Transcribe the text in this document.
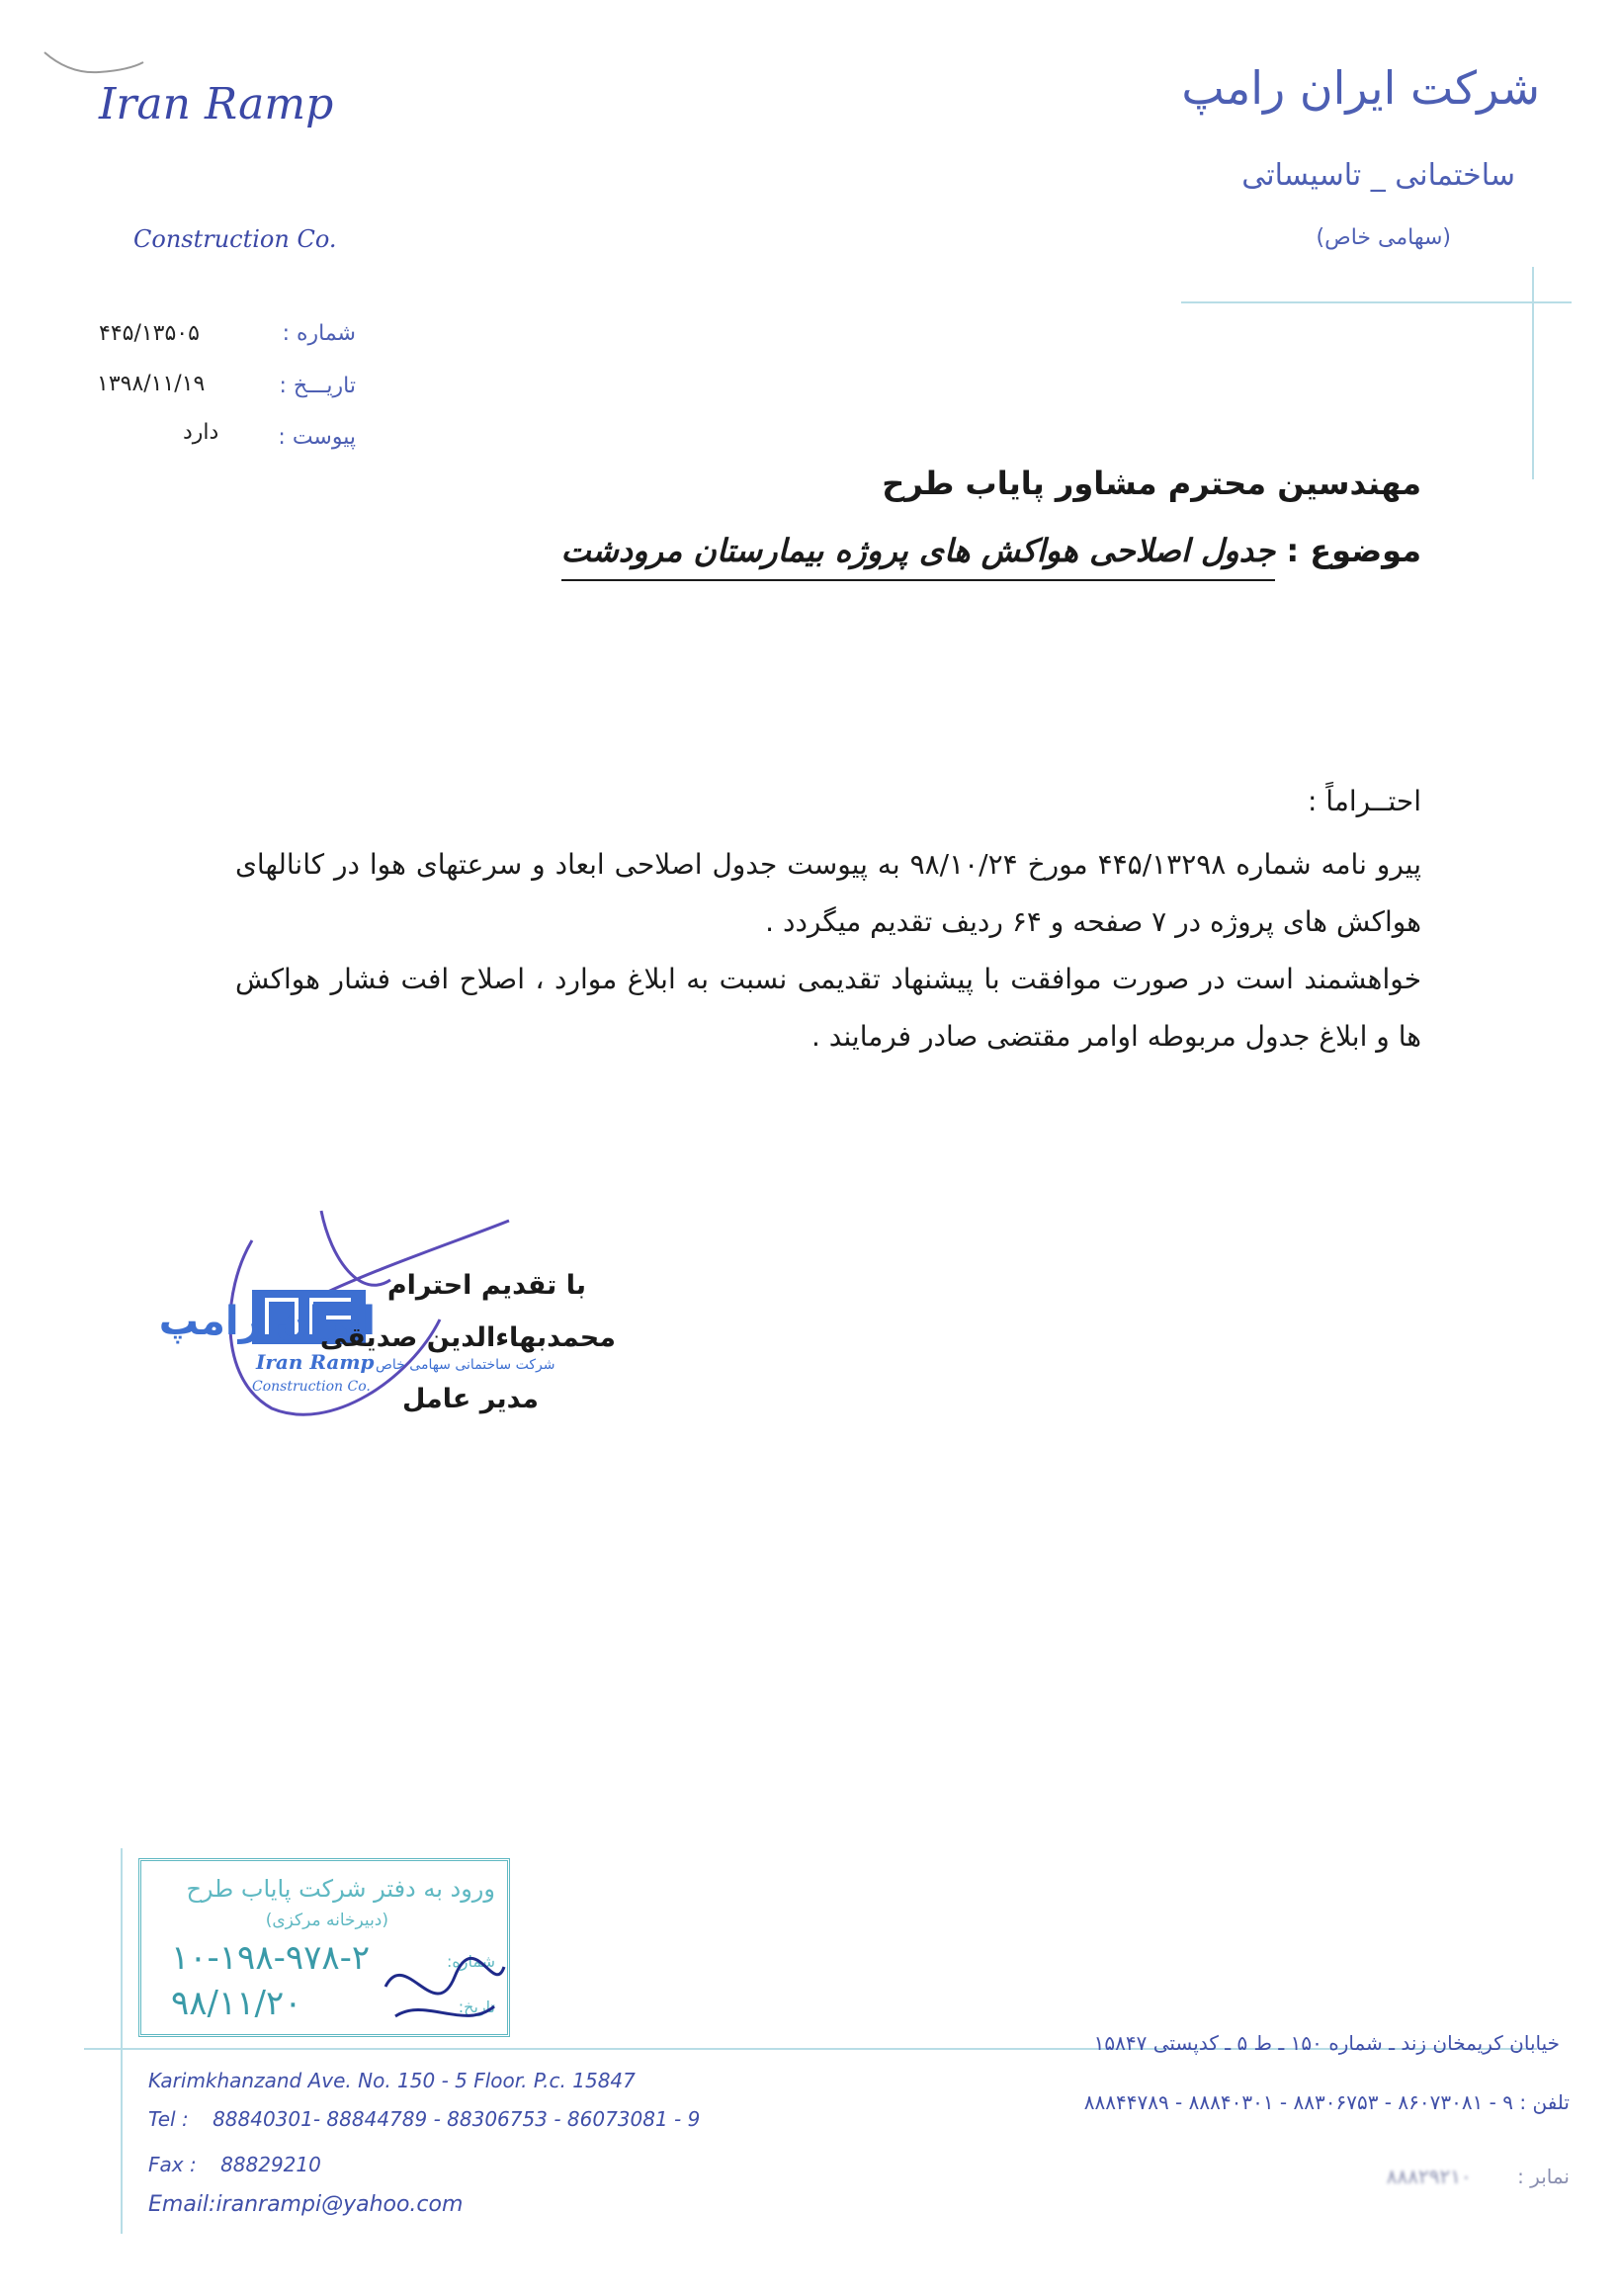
Iran Ramp
Construction Co.
شرکت ایران رامپ
ساختمانی _ تاسیساتی
(سهامی خاص)
شماره :
۴۴۵/۱۳۵۰۵
تاریـــخ :
۱۳۹۸/۱۱/۱۹
پیوست :
دارد
مهندسین محترم مشاور پایاب طرح
موضوع : جدول اصلاحی هواکش های پروژه بیمارستان مرودشت

احتــراماً :

پیرو نامه شماره ۴۴۵/۱۳۲۹۸ مورخ ۹۸/۱۰/۲۴ به پیوست جدول اصلاحی ابعاد و سرعتهای هوا در کانالهای هواکش های پروژه در ۷ صفحه و ۶۴ ردیف تقدیم میگردد .

خواهشمند است در صورت موافقت با پیشنهاد تقدیمی نسبت به ابلاغ موارد ، اصلاح افت فشار هواکش ها و ابلاغ جدول مربوطه اوامر مقتضی صادر فرمایند .

ایران رامپ
Iran Ramp
Construction Co.
شرکت ساختمانی سهامی خاص
با تقدیم احترام
محمدبهاءالدین صدیقی
مدیر عامل
ورود به دفتر شرکت پایاب طرح
(دبیرخانه مرکزی)
شماره:
تاریخ:
۱۰-۱۹۸-۹۷۸-۲
۹۸/۱۱/۲۰
Karimkhanzand Ave. No. 150 - 5 Floor. P.c. 15847
Tel : 88840301- 88844789 - 88306753 - 86073081 - 9
Fax : 88829210
Email:iranrampi@yahoo.com
خیابان کریمخان زند ـ شماره ۱۵۰ ـ ط ۵ ـ کدپستی ۱۵۸۴۷
تلفن : ۹ - ۸۶۰۷۳۰۸۱ - ۸۸۳۰۶۷۵۳ - ۸۸۸۴۰۳۰۱ - ۸۸۸۴۴۷۸۹
نمابر : ۸۸۸۲۹۲۱۰
